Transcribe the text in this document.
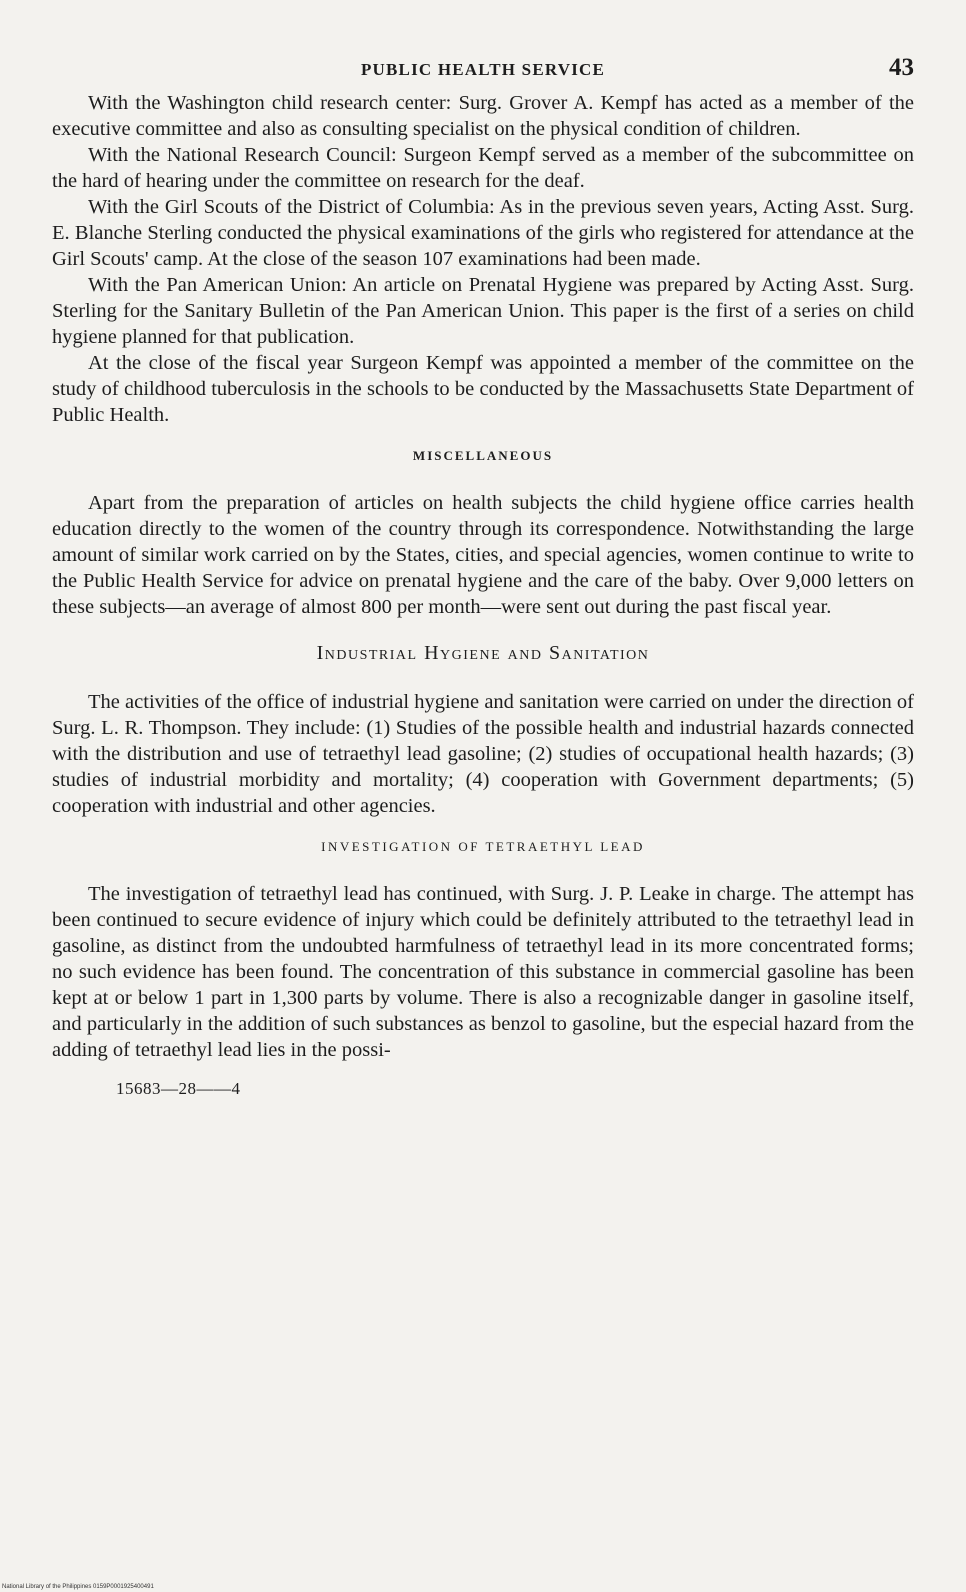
PUBLIC HEALTH SERVICE	43

With the Washington child research center: Surg. Grover A. Kempf has acted as a member of the executive committee and also as consulting specialist on the physical condition of children.

With the National Research Council: Surgeon Kempf served as a member of the subcommittee on the hard of hearing under the committee on research for the deaf.

With the Girl Scouts of the District of Columbia: As in the previous seven years, Acting Asst. Surg. E. Blanche Sterling conducted the physical examinations of the girls who registered for attendance at the Girl Scouts' camp. At the close of the season 107 examinations had been made.

With the Pan American Union: An article on Prenatal Hygiene was prepared by Acting Asst. Surg. Sterling for the Sanitary Bulletin of the Pan American Union. This paper is the first of a series on child hygiene planned for that publication.

At the close of the fiscal year Surgeon Kempf was appointed a member of the committee on the study of childhood tuberculosis in the schools to be conducted by the Massachusetts State Department of Public Health.

MISCELLANEOUS

Apart from the preparation of articles on health subjects the child hygiene office carries health education directly to the women of the country through its correspondence. Notwithstanding the large amount of similar work carried on by the States, cities, and special agencies, women continue to write to the Public Health Service for advice on prenatal hygiene and the care of the baby. Over 9,000 letters on these subjects—an average of almost 800 per month—were sent out during the past fiscal year.

Industrial Hygiene and Sanitation

The activities of the office of industrial hygiene and sanitation were carried on under the direction of Surg. L. R. Thompson. They include: (1) Studies of the possible health and industrial hazards connected with the distribution and use of tetraethyl lead gasoline; (2) studies of occupational health hazards; (3) studies of industrial morbidity and mortality; (4) cooperation with Government departments; (5) cooperation with industrial and other agencies.

INVESTIGATION OF TETRAETHYL LEAD

The investigation of tetraethyl lead has continued, with Surg. J. P. Leake in charge. The attempt has been continued to secure evidence of injury which could be definitely attributed to the tetraethyl lead in gasoline, as distinct from the undoubted harmfulness of tetraethyl lead in its more concentrated forms; no such evidence has been found. The concentration of this substance in commercial gasoline has been kept at or below 1 part in 1,300 parts by volume. There is also a recognizable danger in gasoline itself, and particularly in the addition of such substances as benzol to gasoline, but the especial hazard from the adding of tetraethyl lead lies in the possi-

15683—28——4
National Library of the Philippines 0159P0001925400491
